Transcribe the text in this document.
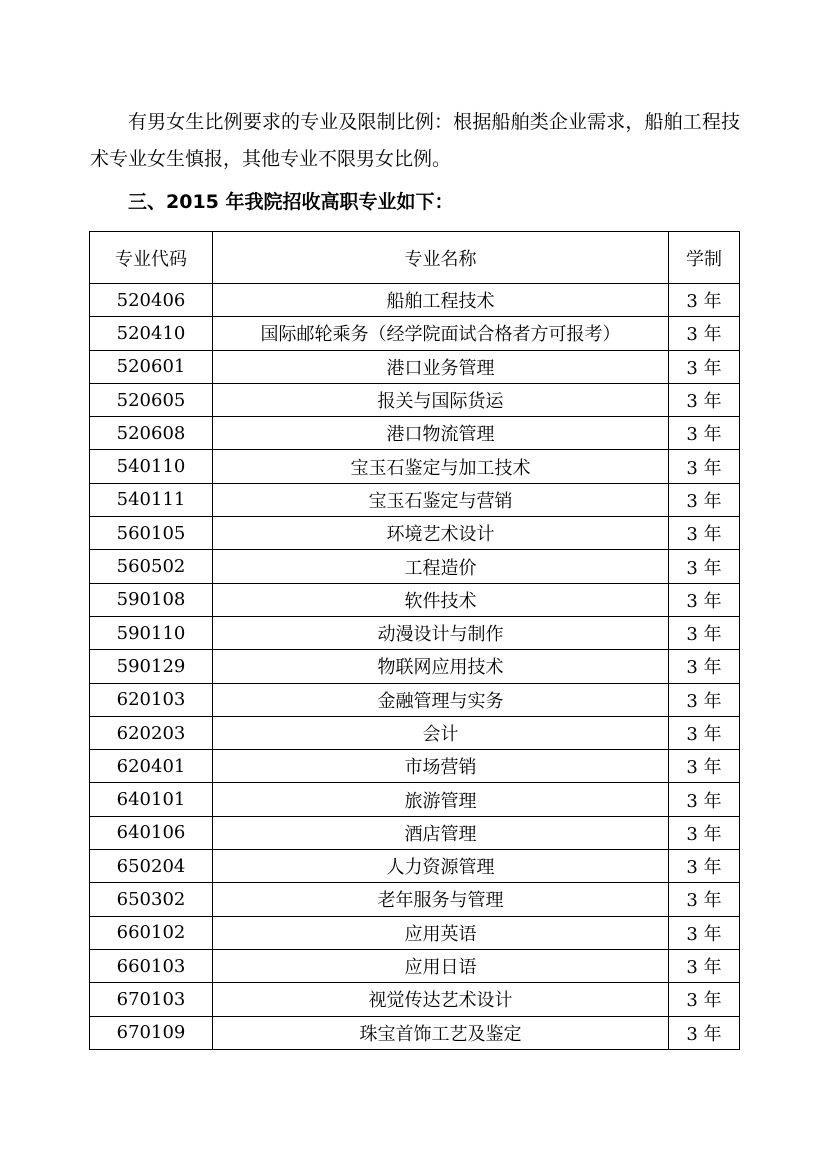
有男女生比例要求的专业及限制比例：根据船舶类企业需求，船舶工程技术专业女生慎报，其他专业不限男女比例。

三、2015 年我院招收高职专业如下：
专业代码	专业名称	学制
520406	船舶工程技术	3 年
520410	国际邮轮乘务（经学院面试合格者方可报考）	3 年
520601	港口业务管理	3 年
520605	报关与国际货运	3 年
520608	港口物流管理	3 年
540110	宝玉石鉴定与加工技术	3 年
540111	宝玉石鉴定与营销	3 年
560105	环境艺术设计	3 年
560502	工程造价	3 年
590108	软件技术	3 年
590110	动漫设计与制作	3 年
590129	物联网应用技术	3 年
620103	金融管理与实务	3 年
620203	会计	3 年
620401	市场营销	3 年
640101	旅游管理	3 年
640106	酒店管理	3 年
650204	人力资源管理	3 年
650302	老年服务与管理	3 年
660102	应用英语	3 年
660103	应用日语	3 年
670103	视觉传达艺术设计	3 年
670109	珠宝首饰工艺及鉴定	3 年
